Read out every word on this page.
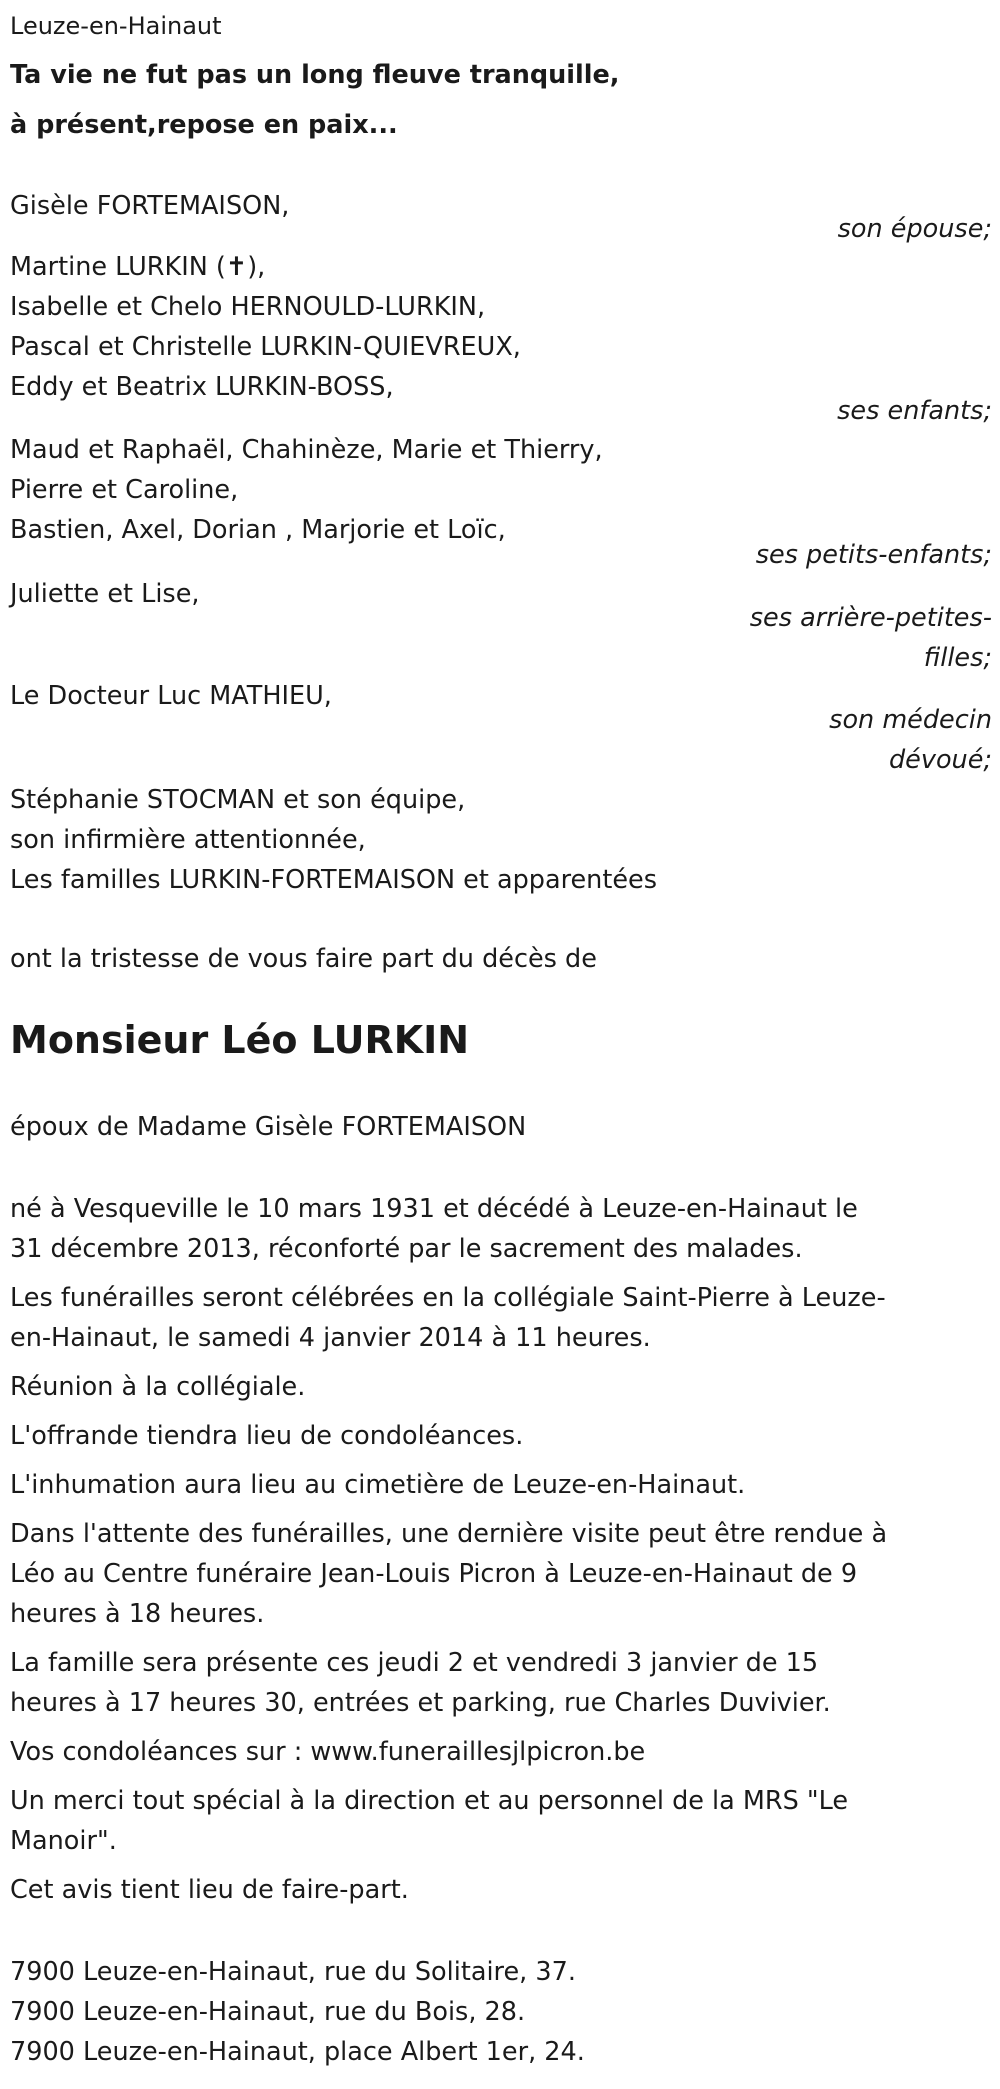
Leuze-en-Hainaut
Ta vie ne fut pas un long fleuve tranquille,
à présent,repose en paix...
Gisèle FORTEMAISON,
son épouse;
Martine LURKIN (✝),
Isabelle et Chelo HERNOULD-LURKIN,
Pascal et Christelle LURKIN-QUIEVREUX,
Eddy et Beatrix LURKIN-BOSS,
ses enfants;
Maud et Raphaël, Chahinèze, Marie et Thierry,
Pierre et Caroline,
Bastien, Axel, Dorian , Marjorie et Loïc,
ses petits-enfants;
Juliette et Lise,
ses arrière-petites-
filles;
Le Docteur Luc MATHIEU,
son médecin
dévoué;
Stéphanie STOCMAN et son équipe,
son infirmière attentionnée,
Les familles LURKIN-FORTEMAISON et apparentées
ont la tristesse de vous faire part du décès de
Monsieur Léo LURKIN
époux de Madame Gisèle FORTEMAISON
né à Vesqueville le 10 mars 1931 et décédé à Leuze-en-Hainaut le 31 décembre 2013, réconforté par le sacrement des malades.
Les funérailles seront célébrées en la collégiale Saint-Pierre à Leuze-en-Hainaut, le samedi 4 janvier 2014 à 11 heures.
Réunion à la collégiale.
L'offrande tiendra lieu de condoléances.
L'inhumation aura lieu au cimetière de Leuze-en-Hainaut.
Dans l'attente des funérailles, une dernière visite peut être rendue à Léo au Centre funéraire Jean-Louis Picron à Leuze-en-Hainaut de 9 heures à 18 heures.
La famille sera présente ces jeudi 2 et vendredi 3 janvier de 15 heures à 17 heures 30, entrées et parking, rue Charles Duvivier.
Vos condoléances sur : www.funeraillesjlpicron.be
Un merci tout spécial à la direction et au personnel de la MRS "Le Manoir".
Cet avis tient lieu de faire-part.
7900 Leuze-en-Hainaut, rue du Solitaire, 37.
7900 Leuze-en-Hainaut, rue du Bois, 28.
7900 Leuze-en-Hainaut, place Albert 1er, 24.
